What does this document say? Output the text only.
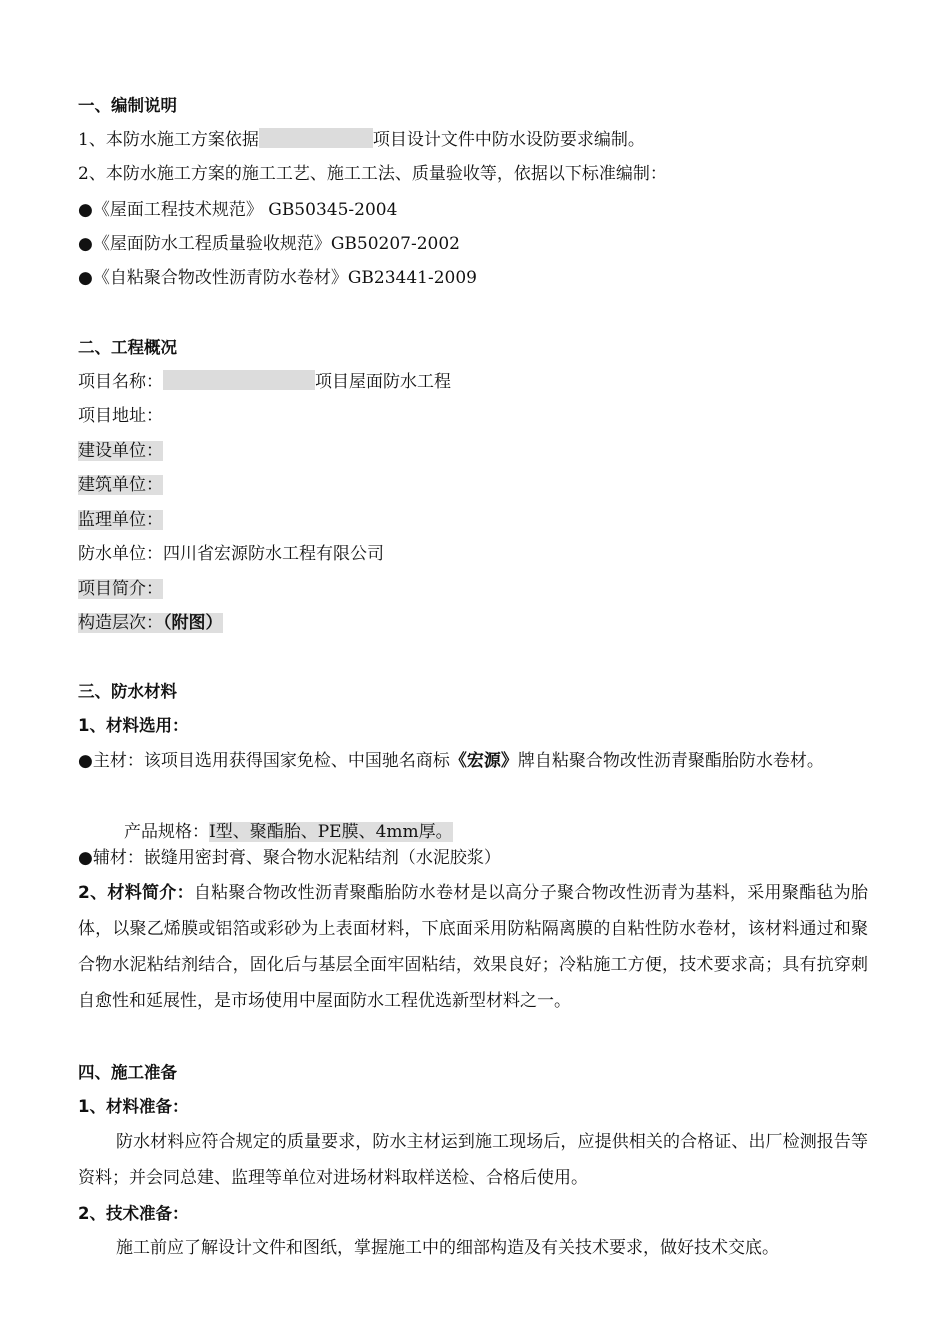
一、编制说明
1、本防水施工方案依据	项目设计文件中防水设防要求编制。
2、本防水施工方案的施工工艺、施工工法、质量验收等，依据以下标准编制：
●《屋面工程技术规范》 GB50345-2004
●《屋面防水工程质量验收规范》GB50207-2002
●《自粘聚合物改性沥青防水卷材》GB23441-2009
二、工程概况
项目名称：	项目屋面防水工程
项目地址：
建设单位：
建筑单位：
监理单位：
防水单位：四川省宏源防水工程有限公司
项目简介：
构造层次：（附图）
三、防水材料
1、材料选用：
●主材：该项目选用获得国家免检、中国驰名商标《宏源》牌自粘聚合物改性沥青聚酯胎防水卷材。
产品规格：Ⅰ型、聚酯胎、PE膜、4mm厚。
●辅材：嵌缝用密封膏、聚合物水泥粘结剂（水泥胶浆）
2、材料简介：自粘聚合物改性沥青聚酯胎防水卷材是以高分子聚合物改性沥青为基料，采用聚酯毡为胎体，以聚乙烯膜或铝箔或彩砂为上表面材料，下底面采用防粘隔离膜的自粘性防水卷材，该材料通过和聚合物水泥粘结剂结合，固化后与基层全面牢固粘结，效果良好；冷粘施工方便，技术要求高；具有抗穿刺自愈性和延展性，是市场使用中屋面防水工程优选新型材料之一。
四、施工准备
1、材料准备：
防水材料应符合规定的质量要求，防水主材运到施工现场后，应提供相关的合格证、出厂检测报告等资料；并会同总建、监理等单位对进场材料取样送检、合格后使用。
2、技术准备：
施工前应了解设计文件和图纸，掌握施工中的细部构造及有关技术要求，做好技术交底。
